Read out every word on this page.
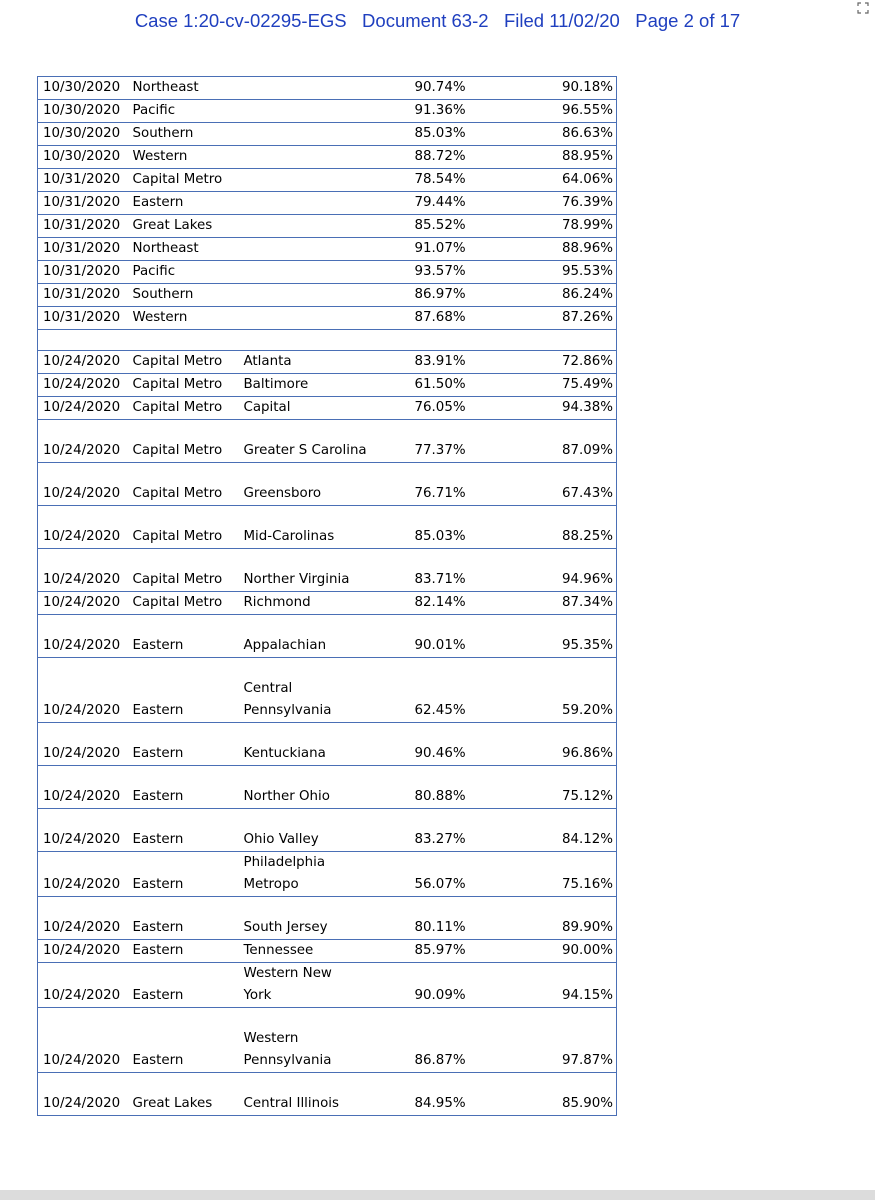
Case 1:20-cv-02295-EGS   Document 63-2   Filed 11/02/20   Page 2 of 17
10/30/2020	Northeast		90.74%	90.18%
10/30/2020	Pacific		91.36%	96.55%
10/30/2020	Southern		85.03%	86.63%
10/30/2020	Western		88.72%	88.95%
10/31/2020	Capital Metro		78.54%	64.06%
10/31/2020	Eastern		79.44%	76.39%
10/31/2020	Great Lakes		85.52%	78.99%
10/31/2020	Northeast		91.07%	88.96%
10/31/2020	Pacific		93.57%	95.53%
10/31/2020	Southern		86.97%	86.24%
10/31/2020	Western		87.68%	87.26%

10/24/2020	Capital Metro	Atlanta	83.91%	72.86%
10/24/2020	Capital Metro	Baltimore	61.50%	75.49%
10/24/2020	Capital Metro	Capital	76.05%	94.38%
10/24/2020	Capital Metro	Greater S Carolina	77.37%	87.09%
10/24/2020	Capital Metro	Greensboro	76.71%	67.43%
10/24/2020	Capital Metro	Mid-Carolinas	85.03%	88.25%
10/24/2020	Capital Metro	Norther Virginia	83.71%	94.96%
10/24/2020	Capital Metro	Richmond	82.14%	87.34%
10/24/2020	Eastern	Appalachian	90.01%	95.35%
10/24/2020	Eastern	Central
Pennsylvania	62.45%	59.20%
10/24/2020	Eastern	Kentuckiana	90.46%	96.86%
10/24/2020	Eastern	Norther Ohio	80.88%	75.12%
10/24/2020	Eastern	Ohio Valley	83.27%	84.12%
10/24/2020	Eastern	Philadelphia
Metropo	56.07%	75.16%
10/24/2020	Eastern	South Jersey	80.11%	89.90%
10/24/2020	Eastern	Tennessee	85.97%	90.00%
10/24/2020	Eastern	Western New
York	90.09%	94.15%
10/24/2020	Eastern	Western
Pennsylvania	86.87%	97.87%
10/24/2020	Great Lakes	Central Illinois	84.95%	85.90%
